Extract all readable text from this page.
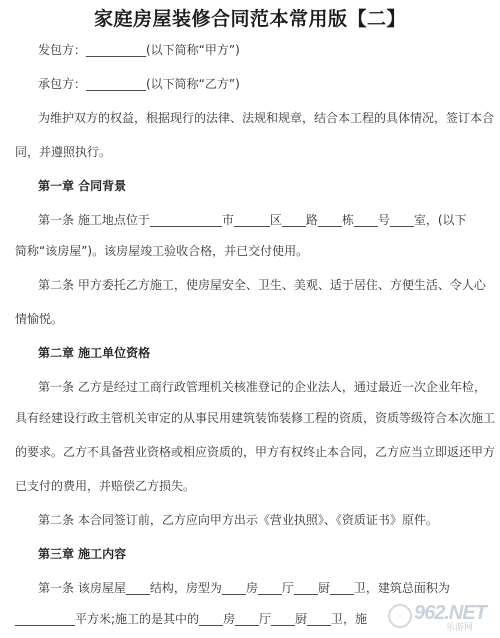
家庭房屋装修合同范本常用版【二】
发包方：__________(以下简称“甲方”)
承包方：__________(以下简称“乙方”)
为维护双方的权益，根据现行的法律、法规和规章，结合本工程的具体情况，签订本合
同，并遵照执行。
第一章 合同背景
第一条 施工地点位于____________市______区____路____栋____号____室，(以下
简称“该房屋”)。该房屋竣工验收合格，并已交付使用。
第二条 甲方委托乙方施工，使房屋安全、卫生、美观、适于居住、方便生活、令人心
情愉悦。
第二章 施工单位资格
第一条 乙方是经过工商行政管理机关核准登记的企业法人，通过最近一次企业年检，
具有经建设行政主管机关审定的从事民用建筑装饰装修工程的资质，资质等级符合本次施工
的要求。乙方不具备营业资格或相应资质的，甲方有权终止本合同，乙方应当立即返还甲方
已支付的费用，并赔偿乙方损失。
第二条 本合同签订前，乙方应向甲方出示《营业执照》、《资质证书》原件。
第三章 施工内容
第一条 该房屋屋____结构，房型为____房____厅____厨____卫，建筑总面积为
__________平方米;施工的是其中的____房____厅____厨____卫，施 962.NET
乐游网
